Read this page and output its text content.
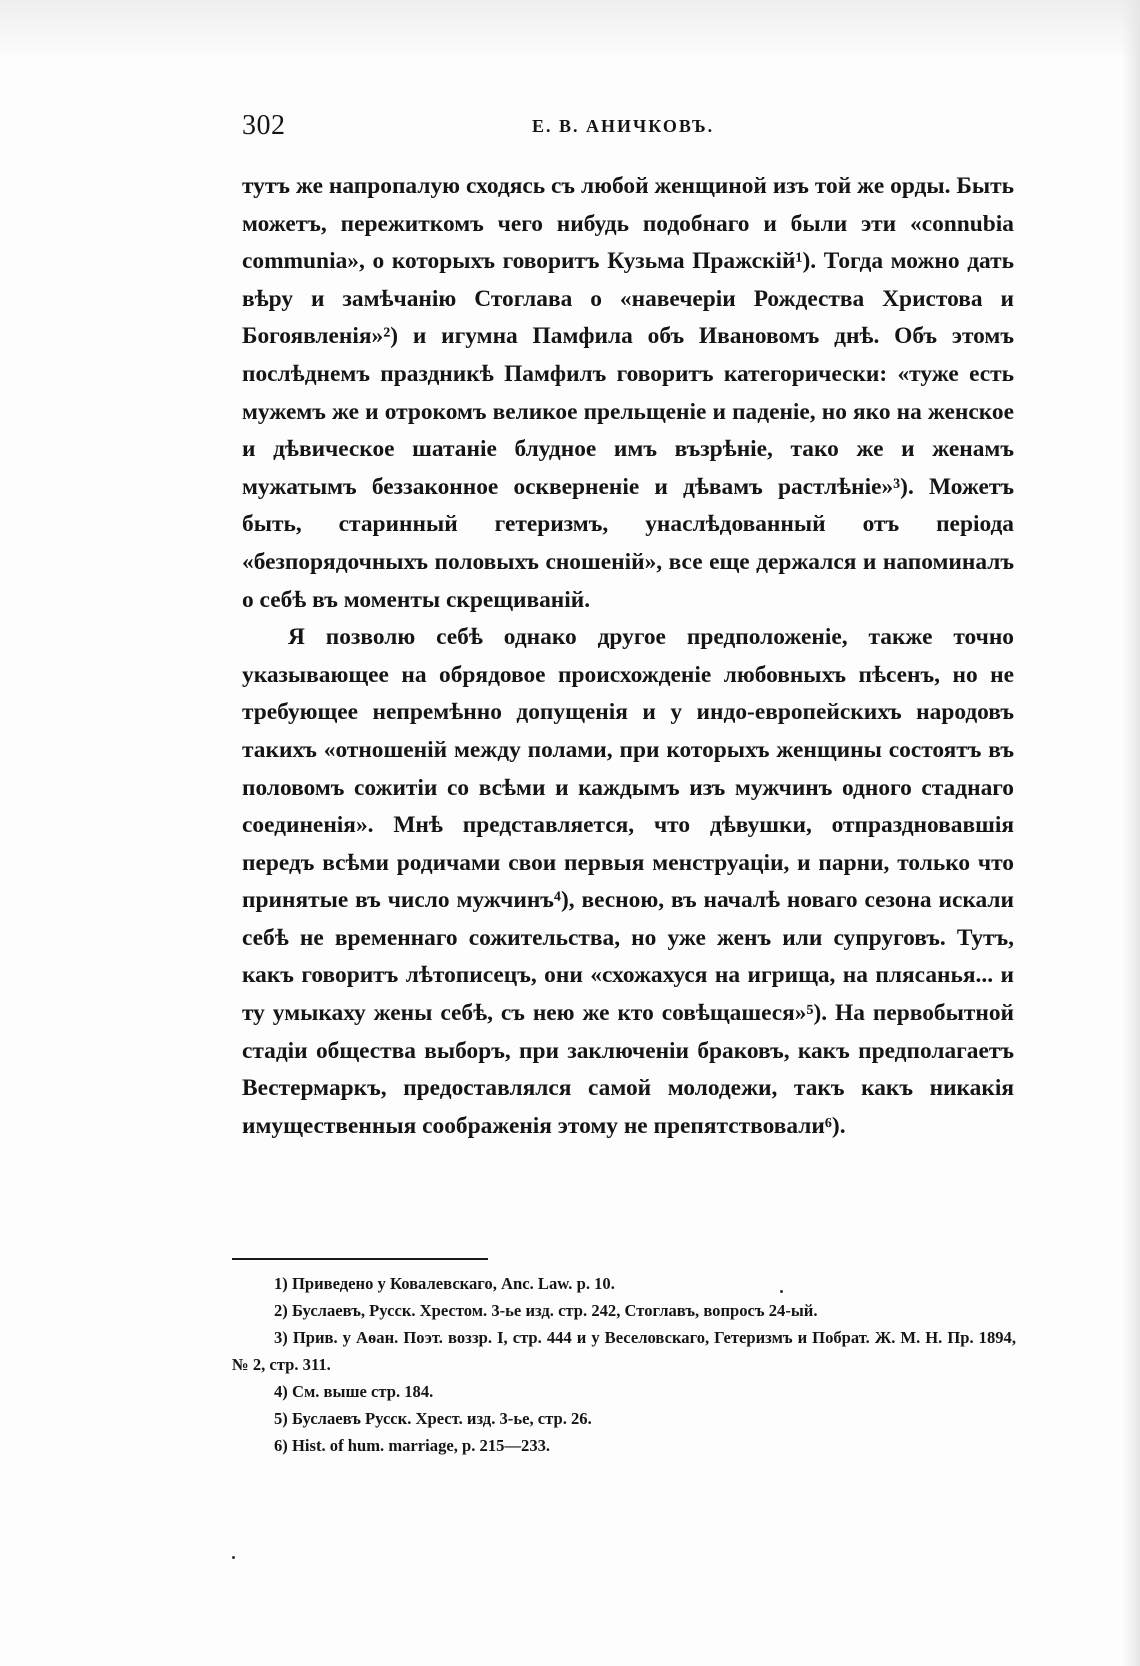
302	Е. В. АНИЧКОВЪ.

тутъ же напропалую сходясь съ любой женщиной изъ той же орды. Быть можетъ, пережиткомъ чего нибудь подобнаго и были эти «connubia communia», о которыхъ говоритъ Кузьма Пражскій¹). Тогда можно дать вѣру и замѣчанію Стоглава о «навечеріи Рождества Христова и Богоявленія»²) и игумна Памфила объ Ивановомъ днѣ. Объ этомъ послѣднемъ праздникѣ Памфилъ говоритъ категорически: «туже есть мужемъ же и отрокомъ великое прельщеніе и паденіе, но яко на женское и дѣвическое шатаніе блудное имъ възрѣніе, тако же и женамъ мужатымъ беззаконное оскверненіе и дѣвамъ растлѣніе»³). Можетъ быть, старинный гетеризмъ, унаслѣдованный отъ періода «безпорядочныхъ половыхъ сношеній», все еще держался и напоминалъ о себѣ въ моменты скрещиваній.

Я позволю себѣ однако другое предположеніе, также точно указывающее на обрядовое происхожденіе любовныхъ пѣсенъ, но не требующее непремѣнно допущенія и у индо-европейскихъ народовъ такихъ «отношеній между полами, при которыхъ женщины состоятъ въ половомъ сожитіи со всѣми и каждымъ изъ мужчинъ одного стаднаго соединенія». Мнѣ представляется, что дѣвушки, отпраздновавшія передъ всѣми родичами свои первыя менструаціи, и парни, только что принятые въ число мужчинъ⁴), весною, въ началѣ новаго сезона искали себѣ не временнаго сожительства, но уже женъ или супруговъ. Тутъ, какъ говоритъ лѣтописецъ, они «схожахуся на игрища, на плясанья... и ту умыкаху жены себѣ, съ нею же кто совѣщашеся»⁵). На первобытной стадіи общества выборъ, при заключеніи браковъ, какъ предполагаетъ Вестермаркъ, предоставлялся самой молодежи, такъ какъ никакія имущественныя соображенія этому не препятствовали⁶).

1) Приведено у Ковалевскаго, Anc. Law. p. 10.

2) Буслаевъ, Русск. Хрестом. 3-ье изд. стр. 242, Стоглавъ, вопросъ 24-ый.

3) Прив. у Аѳан. Поэт. воззр. I, стр. 444 и у Веселовскаго, Гетеризмъ и Побрат. Ж. М. Н. Пр. 1894, № 2, стр. 311.

4) См. выше стр. 184.

5) Буслаевъ Русск. Хрест. изд. 3-ье, стр. 26.

6) Hist. of hum. marriage, p. 215—233.
